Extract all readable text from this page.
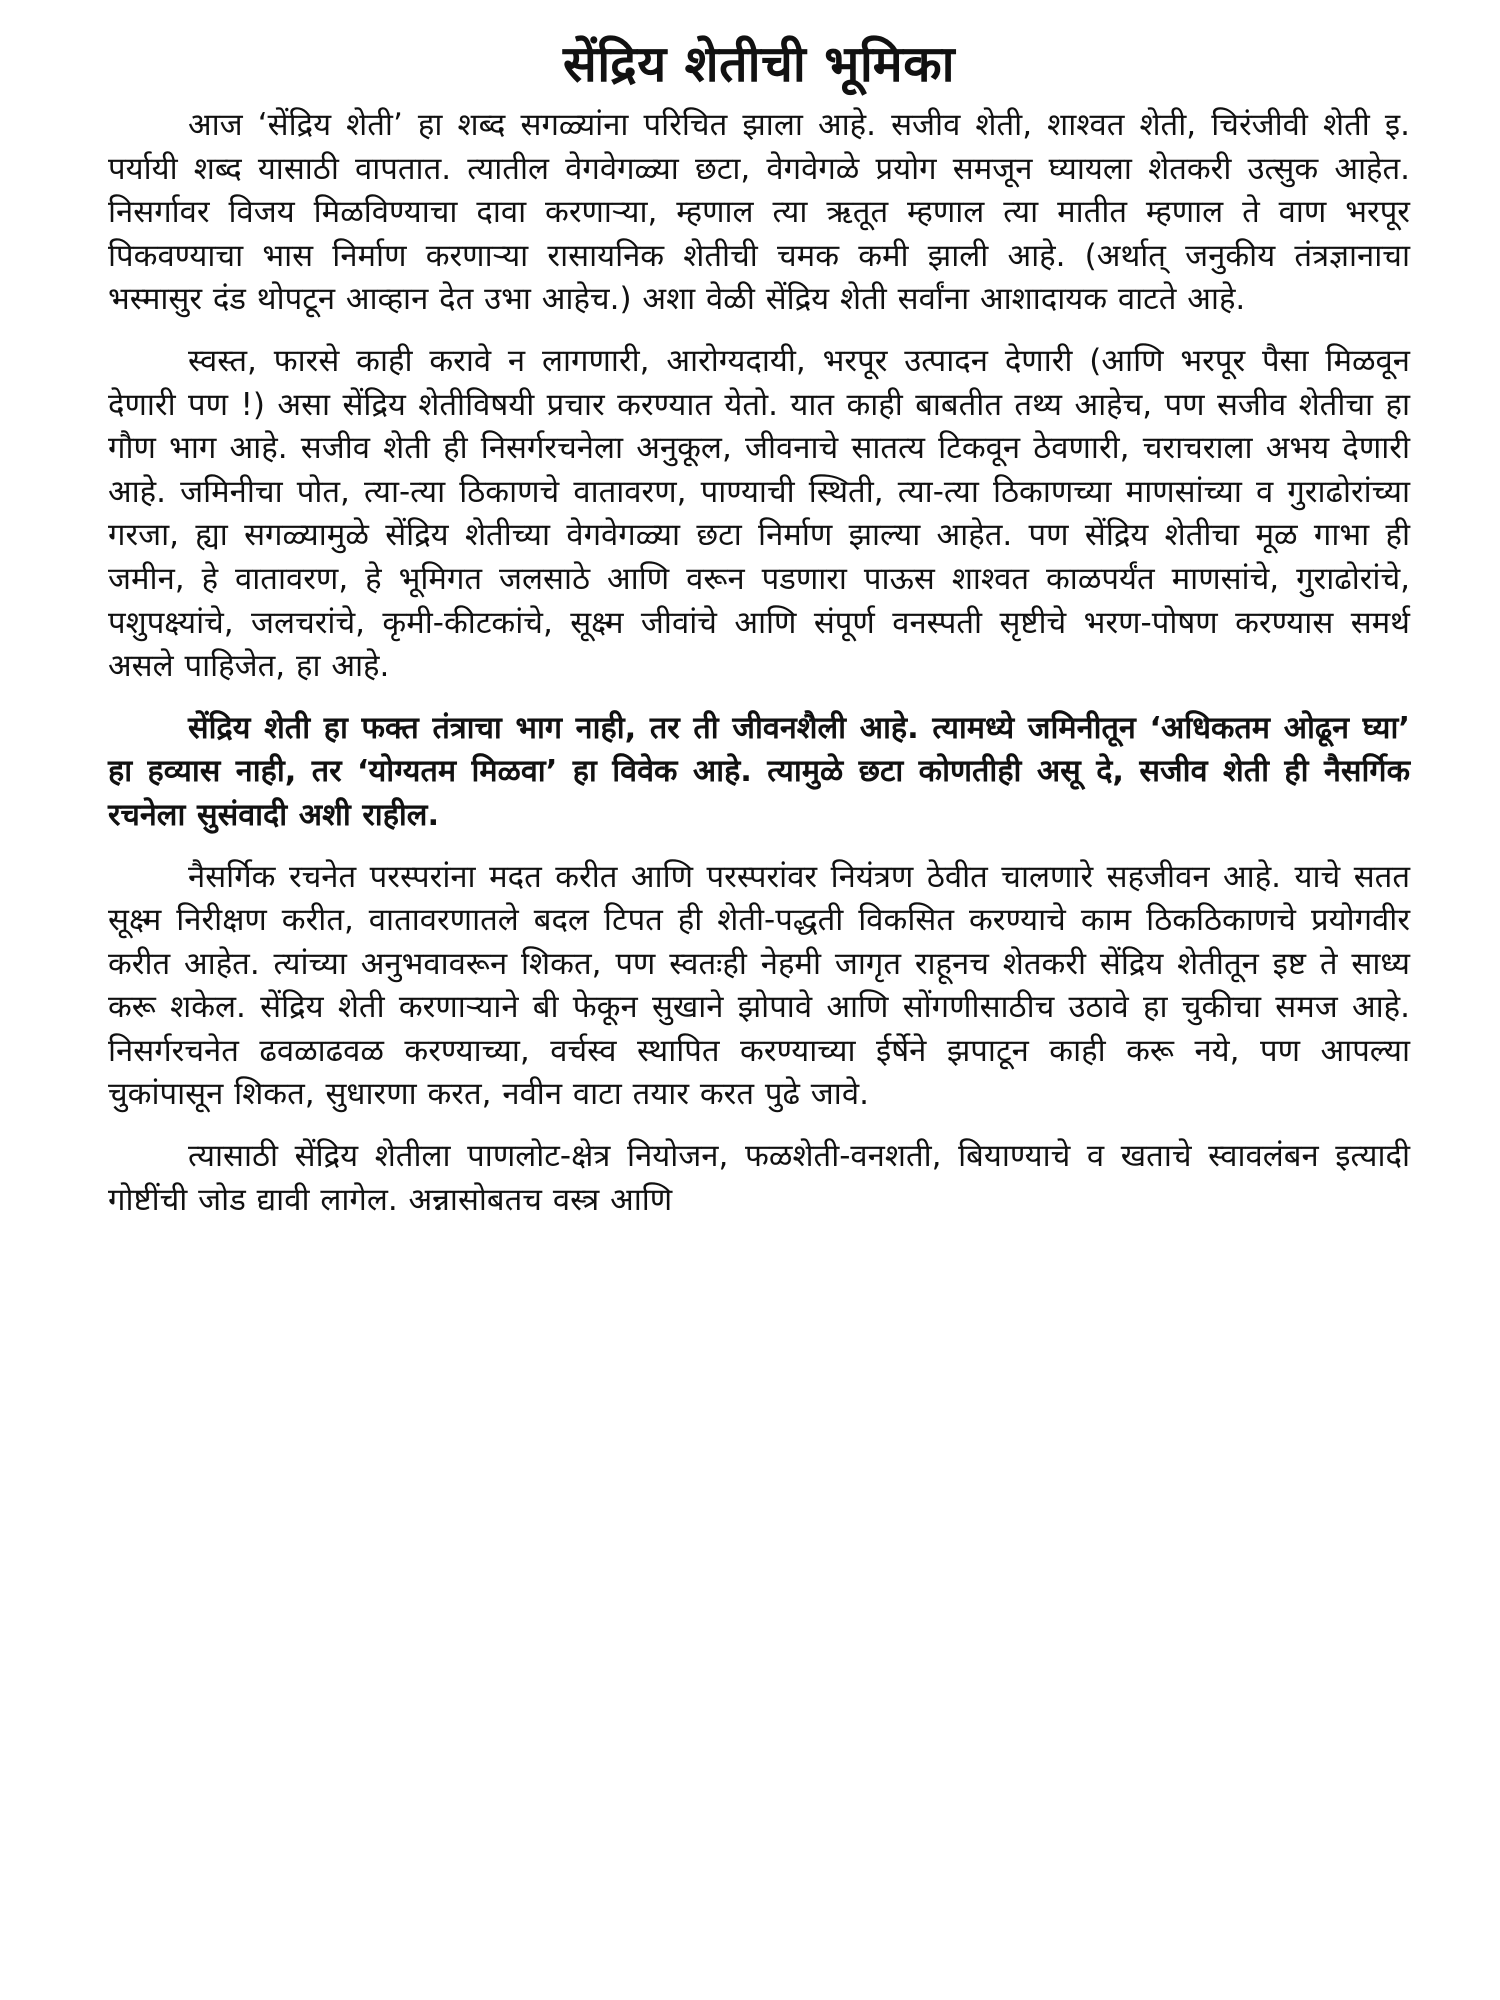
सेंद्रिय शेतीची भूमिका

आज ‘सेंद्रिय शेती’ हा शब्द सगळ्यांना परिचित झाला आहे. सजीव शेती, शाश्वत शेती, चिरंजीवी शेती इ. पर्यायी शब्द यासाठी वापतात. त्यातील वेगवेगळ्या छटा, वेगवेगळे प्रयोग समजून घ्यायला शेतकरी उत्सुक आहेत. निसर्गावर विजय मिळविण्याचा दावा करणाऱ्या, म्हणाल त्या ऋतूत म्हणाल त्या मातीत म्हणाल ते वाण भरपूर पिकवण्याचा भास निर्माण करणाऱ्या रासायनिक शेतीची चमक कमी झाली आहे. (अर्थात् जनुकीय तंत्रज्ञानाचा भस्मासुर दंड थोपटून आव्हान देत उभा आहेच.) अशा वेळी सेंद्रिय शेती सर्वांना आशादायक वाटते आहे.

स्वस्त, फारसे काही करावे न लागणारी, आरोग्यदायी, भरपूर उत्पादन देणारी (आणि भरपूर पैसा मिळवून देणारी पण !) असा सेंद्रिय शेतीविषयी प्रचार करण्यात येतो. यात काही बाबतीत तथ्य आहेच, पण सजीव शेतीचा हा गौण भाग आहे. सजीव शेती ही निसर्गरचनेला अनुकूल, जीवनाचे सातत्य टिकवून ठेवणारी, चराचराला अभय देणारी आहे. जमिनीचा पोत, त्या-त्या ठिकाणचे वातावरण, पाण्याची स्थिती, त्या-त्या ठिकाणच्या माणसांच्या व गुराढोरांच्या गरजा, ह्या सगळ्यामुळे सेंद्रिय शेतीच्या वेगवेगळ्या छटा निर्माण झाल्या आहेत. पण सेंद्रिय शेतीचा मूळ गाभा ही जमीन, हे वातावरण, हे भूमिगत जलसाठे आणि वरून पडणारा पाऊस शाश्वत काळपर्यंत माणसांचे, गुराढोरांचे, पशुपक्ष्यांचे, जलचरांचे, कृमी-कीटकांचे, सूक्ष्म जीवांचे आणि संपूर्ण वनस्पती सृष्टीचे भरण-पोषण करण्यास समर्थ असले पाहिजेत, हा आहे.

सेंद्रिय शेती हा फक्त तंत्राचा भाग नाही, तर ती जीवनशैली आहे. त्यामध्ये जमिनीतून ‘अधिकतम ओढून घ्या’ हा हव्यास नाही, तर ‘योग्यतम मिळवा’ हा विवेक आहे. त्यामुळे छटा कोणतीही असू दे, सजीव शेती ही नैसर्गिक रचनेला सुसंवादी अशी राहील.

नैसर्गिक रचनेत परस्परांना मदत करीत आणि परस्परांवर नियंत्रण ठेवीत चालणारे सहजीवन आहे. याचे सतत सूक्ष्म निरीक्षण करीत, वातावरणातले बदल टिपत ही शेती-पद्धती विकसित करण्याचे काम ठिकठिकाणचे प्रयोगवीर करीत आहेत. त्यांच्या अनुभवावरून शिकत, पण स्वतःही नेहमी जागृत राहूनच शेतकरी सेंद्रिय शेतीतून इष्ट ते साध्य करू शकेल. सेंद्रिय शेती करणाऱ्याने बी फेकून सुखाने झोपावे आणि सोंगणीसाठीच उठावे हा चुकीचा समज आहे. निसर्गरचनेत ढवळाढवळ करण्याच्या, वर्चस्व स्थापित करण्याच्या ईर्षेने झपाटून काही करू नये, पण आपल्या चुकांपासून शिकत, सुधारणा करत, नवीन वाटा तयार करत पुढे जावे.

त्यासाठी सेंद्रिय शेतीला पाणलोट-क्षेत्र नियोजन, फळशेती-वनशती, बियाण्याचे व खताचे स्वावलंबन इत्यादी गोष्टींची जोड द्यावी लागेल. अन्नासोबतच वस्त्र आणि
